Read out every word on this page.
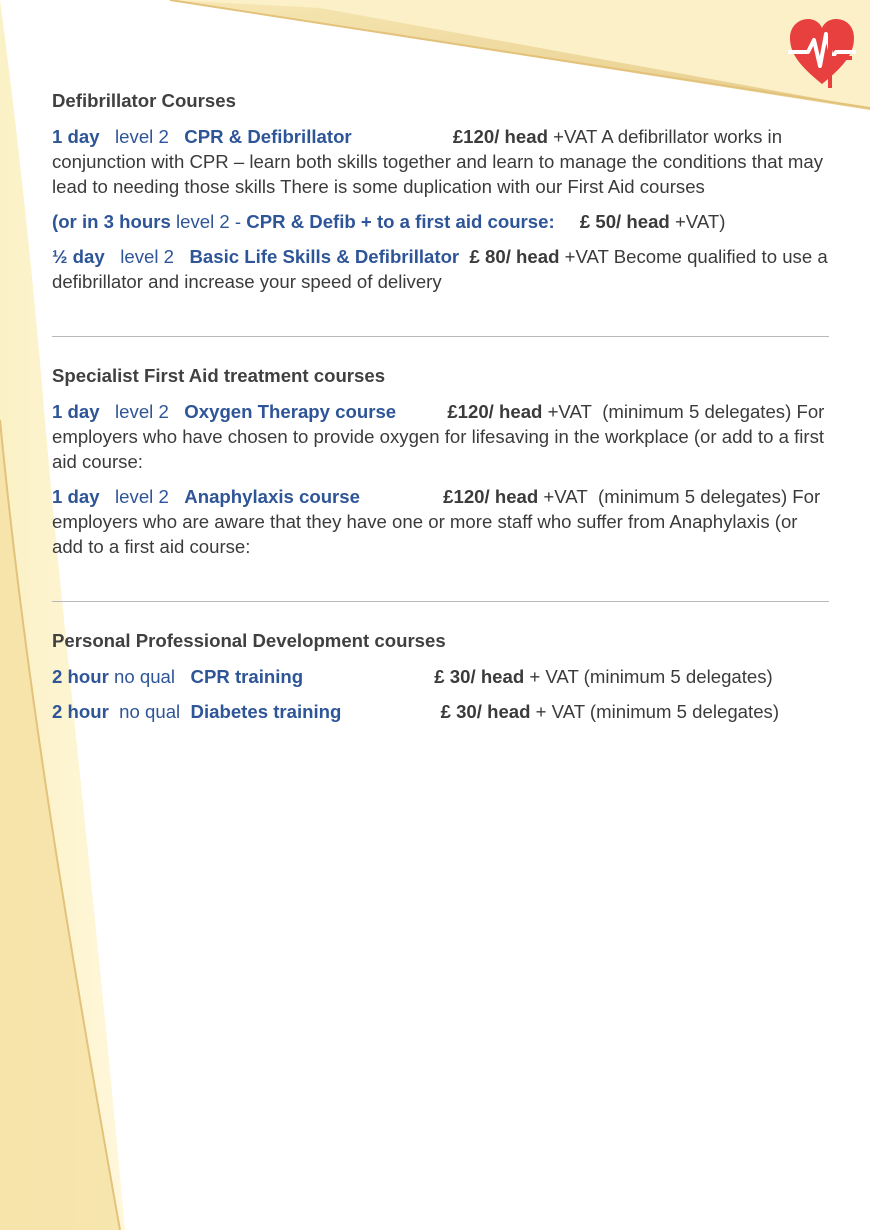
Defibrillator Courses
1 day level 2 CPR & Defibrillator	£120/ head +VAT A defibrillator works in conjunction with CPR – learn both skills together and learn to manage the conditions that may lead to needing those skills There is some duplication with our First Aid courses
(or in 3 hours level 2 - CPR & Defib + to a first aid course: £ 50/ head +VAT)
½ day level 2 Basic Life Skills & Defibrillator £ 80/ head +VAT Become qualified to use a defibrillator and increase your speed of delivery
Specialist First Aid treatment courses
1 day level 2 Oxygen Therapy course	£120/ head +VAT (minimum 5 delegates) For employers who have chosen to provide oxygen for lifesaving in the workplace (or add to a first aid course:
1 day level 2 Anaphylaxis course	£120/ head +VAT (minimum 5 delegates) For employers who are aware that they have one or more staff who suffer from Anaphylaxis (or add to a first aid course:
Personal Professional Development courses
2 hour no qual CPR training	£ 30/ head + VAT (minimum 5 delegates)
2 hour no qual Diabetes training	£ 30/ head + VAT (minimum 5 delegates)
